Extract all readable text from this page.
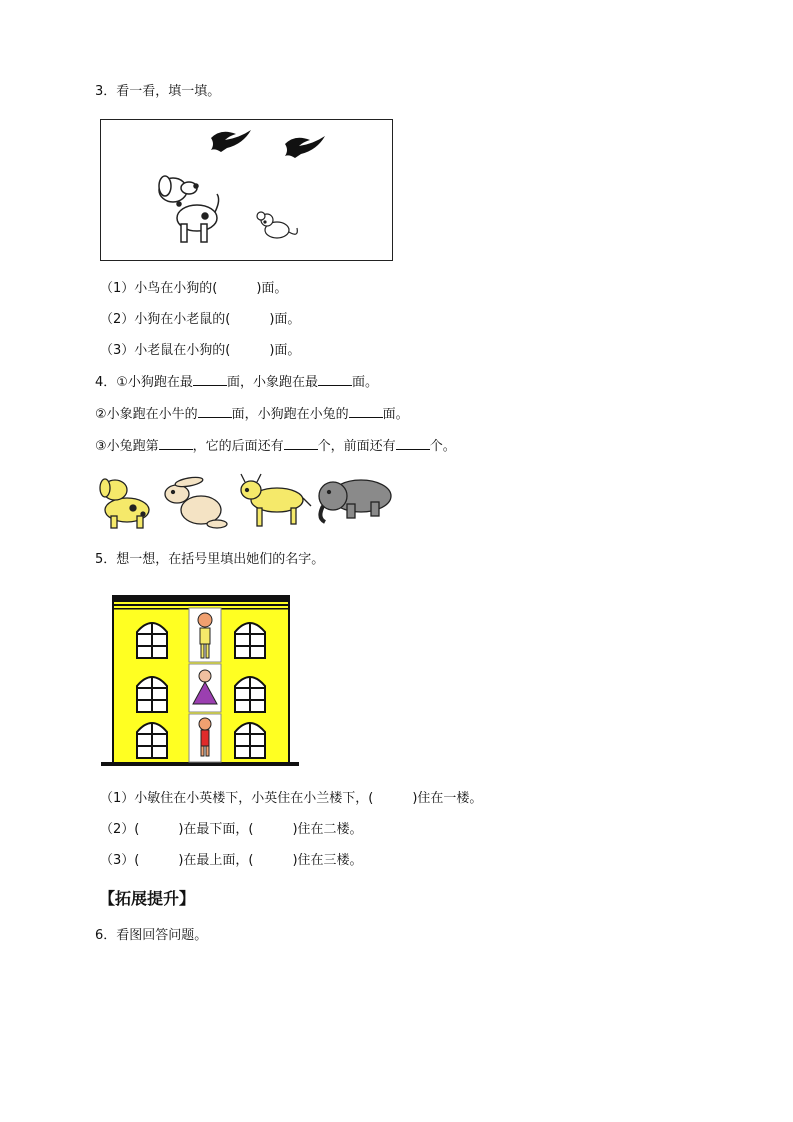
3．看一看，填一填。
（1）小鸟在小狗的(　　　)面。
（2）小狗在小老鼠的(　　　)面。
（3）小老鼠在小狗的(　　　)面。
4．①小狗跑在最	面，小象跑在最	面。
②小象跑在小牛的	面，小狗跑在小兔的	面。
③小兔跑第	，它的后面还有	个，前面还有	个。
5．想一想，在括号里填出她们的名字。
（1）小敏住在小英楼下，小英住在小兰楼下，(　　　)住在一楼。
（2）(　　　)在最下面，(　　　)住在二楼。
（3）(　　　)在最上面，(　　　)住在三楼。
【拓展提升】
6．看图回答问题。
